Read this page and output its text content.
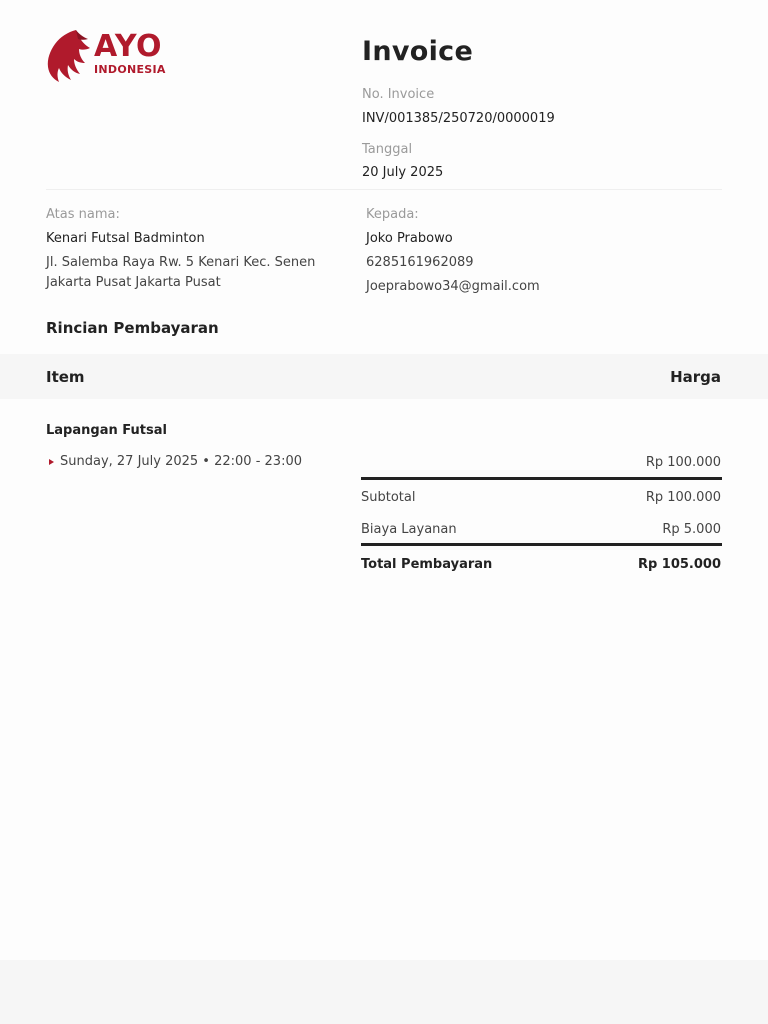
AYO
INDONESIA
Invoice
No. Invoice
INV/001385/250720/0000019
Tanggal
20 July 2025
Atas nama:
Kenari Futsal Badminton
Jl. Salemba Raya Rw. 5 Kenari Kec. Senen
Jakarta Pusat Jakarta Pusat
Kepada:
Joko Prabowo
6285161962089
Joeprabowo34@gmail.com
Rincian Pembayaran
Item	Harga
Lapangan Futsal
Sunday, 27 July 2025 • 22:00 - 23:00	Rp 100.000
Subtotal	Rp 100.000
Biaya Layanan	Rp 5.000
Total Pembayaran	Rp 105.000
